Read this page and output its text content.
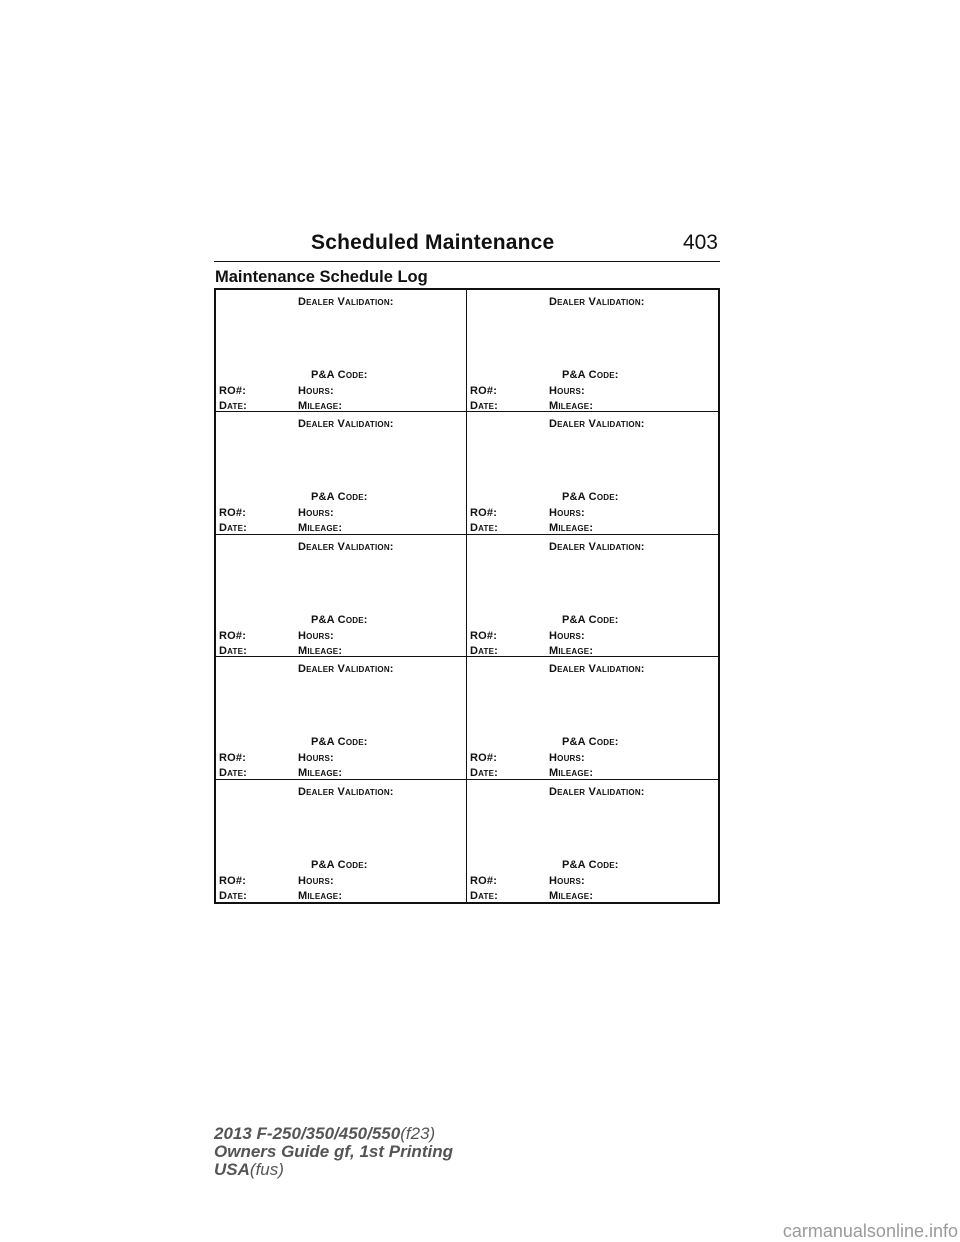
Scheduled Maintenance	403
Maintenance Schedule Log
Dealer Validation:
P&A Code:
RO#:	Hours:
Date:	Mileage:
Dealer Validation:
P&A Code:
RO#:	Hours:
Date:	Mileage:
Dealer Validation:
P&A Code:
RO#:	Hours:
Date:	Mileage:
Dealer Validation:
P&A Code:
RO#:	Hours:
Date:	Mileage:
Dealer Validation:
P&A Code:
RO#:	Hours:
Date:	Mileage:
Dealer Validation:
P&A Code:
RO#:	Hours:
Date:	Mileage:
Dealer Validation:
P&A Code:
RO#:	Hours:
Date:	Mileage:
Dealer Validation:
P&A Code:
RO#:	Hours:
Date:	Mileage:
Dealer Validation:
P&A Code:
RO#:	Hours:
Date:	Mileage:
Dealer Validation:
P&A Code:
RO#:	Hours:
Date:	Mileage:
2013 F-250/350/450/550(f23)
Owners Guide gf, 1st Printing
USA(fus)
carmanualsonline.info
